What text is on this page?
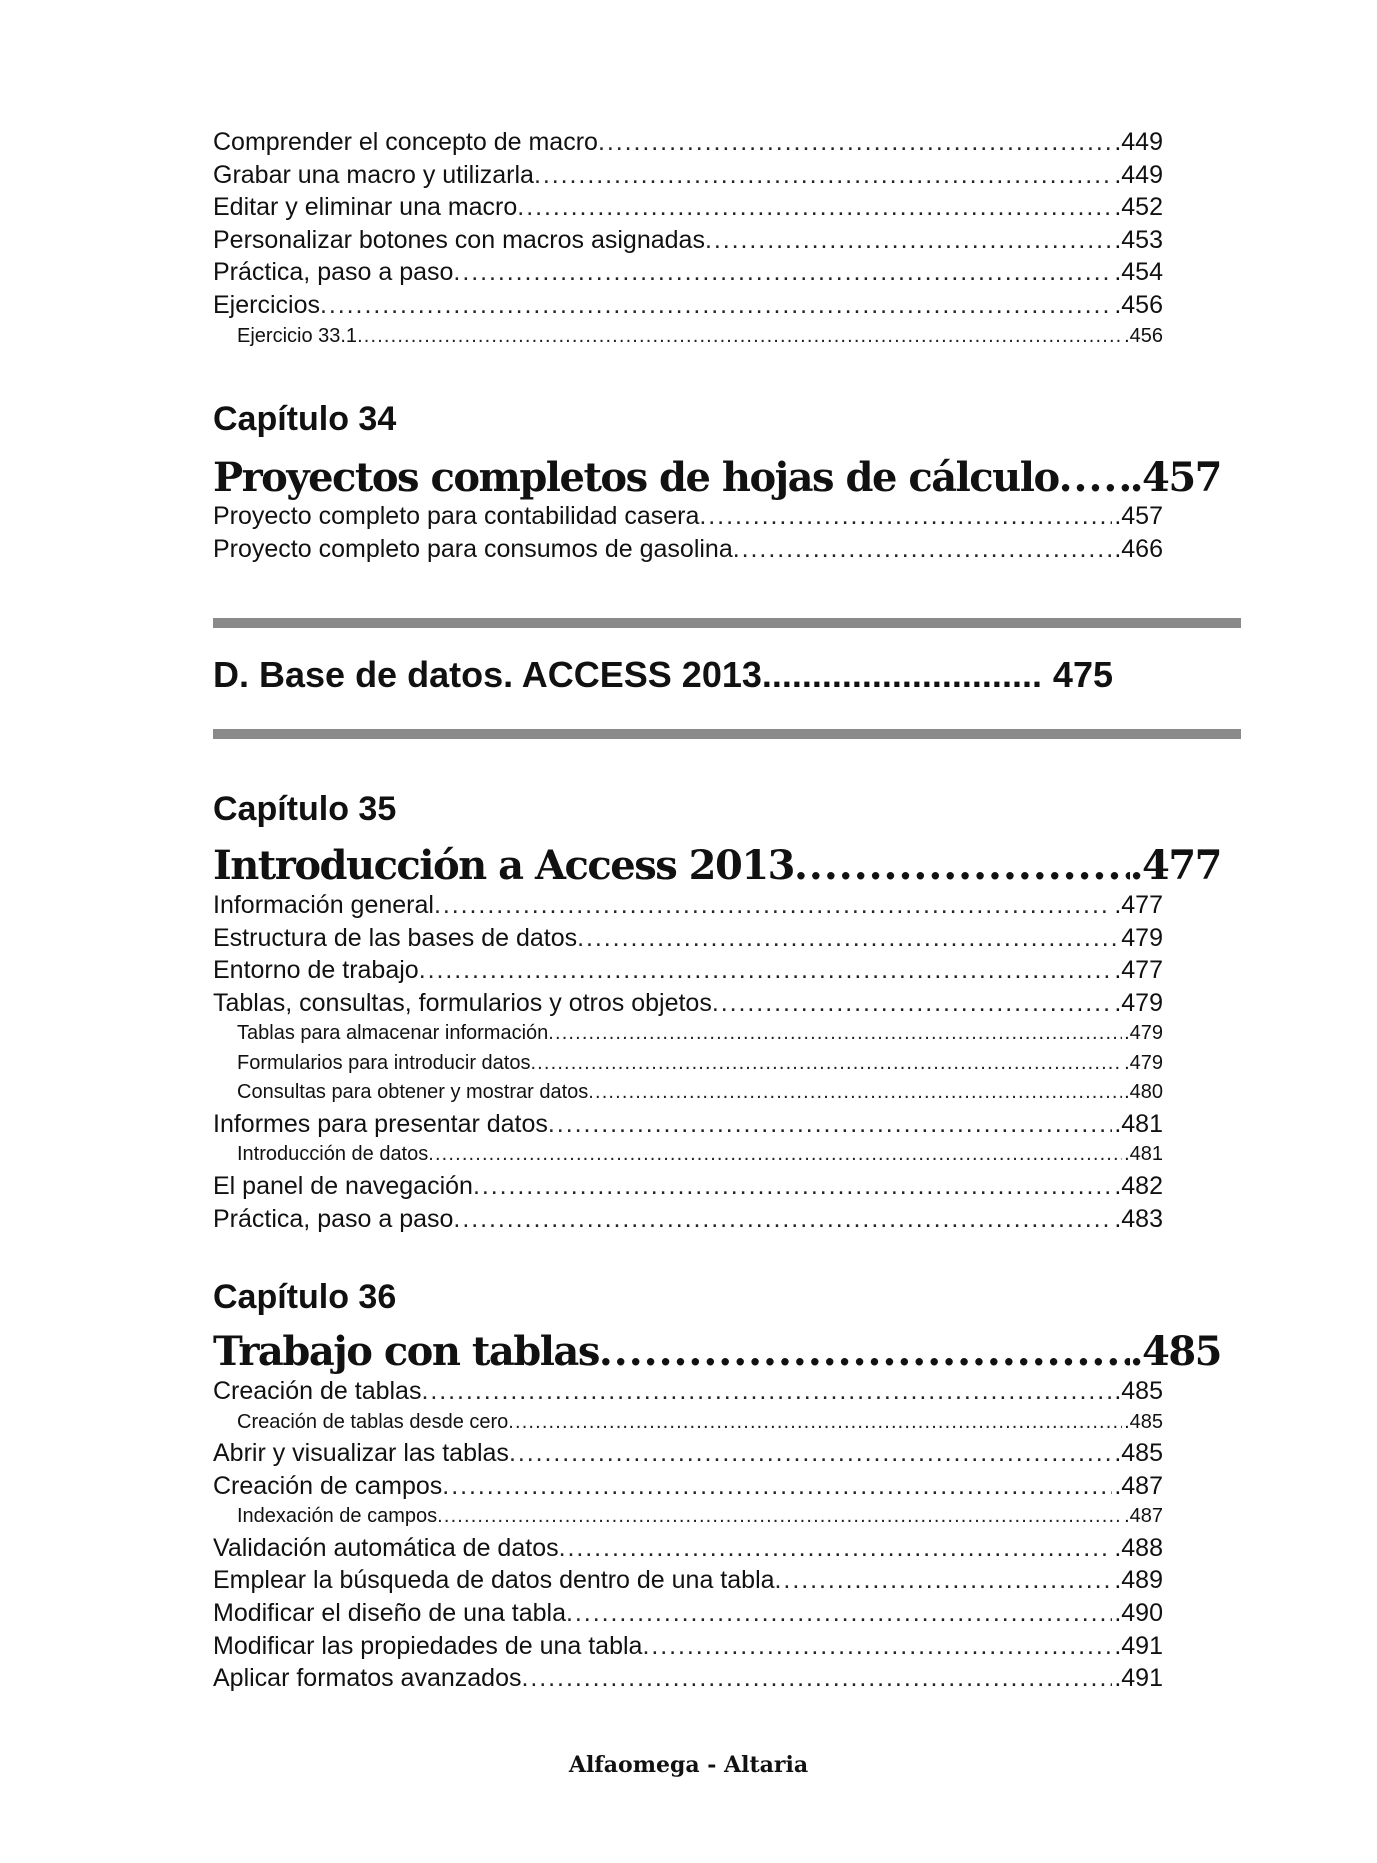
Comprender el concepto de macro . . .	.449
Grabar una macro y utilizarla . . .	.449
Editar y eliminar una macro . . .	.452
Personalizar botones con macros asignadas . . .	.453
Práctica, paso a paso . . .	.454
Ejercicios . . .	.456
Ejercicio 33.1 . . .	.456
Capítulo 34
Proyectos completos de hojas de cálculo ..... .457
Proyecto completo para contabilidad casera . . .	.457
Proyecto completo para consumos de gasolina . . .	.466
D. Base de datos. ACCESS 2013 .....	475
Capítulo 35
Introducción a Access 2013 .....	.477
Información general . . .	.477
Estructura de las bases de datos . . .	479
Entorno de trabajo . . .	.477
Tablas, consultas, formularios y otros objetos . . .	.479
Tablas para almacenar información . . .	.479
Formularios para introducir datos . . .	.479
Consultas para obtener y mostrar datos . . .	.480
Informes para presentar datos . . .	.481
Introducción de datos . . .	.481
El panel de navegación . . .	.482
Práctica, paso a paso . . .	.483
Capítulo 36
Trabajo con tablas .....	.485
Creación de tablas . . .	.485
Creación de tablas desde cero . . .	.485
Abrir y visualizar las tablas . . .	.485
Creación de campos . . .	.487
Indexación de campos . . .	.487
Validación automática de datos . . .	.488
Emplear la búsqueda de datos dentro de una tabla . . .	.489
Modificar el diseño de una tabla . . .	.490
Modificar las propiedades de una tabla . . .	.491
Aplicar formatos avanzados . . .	.491
Alfaomega - Altaria
